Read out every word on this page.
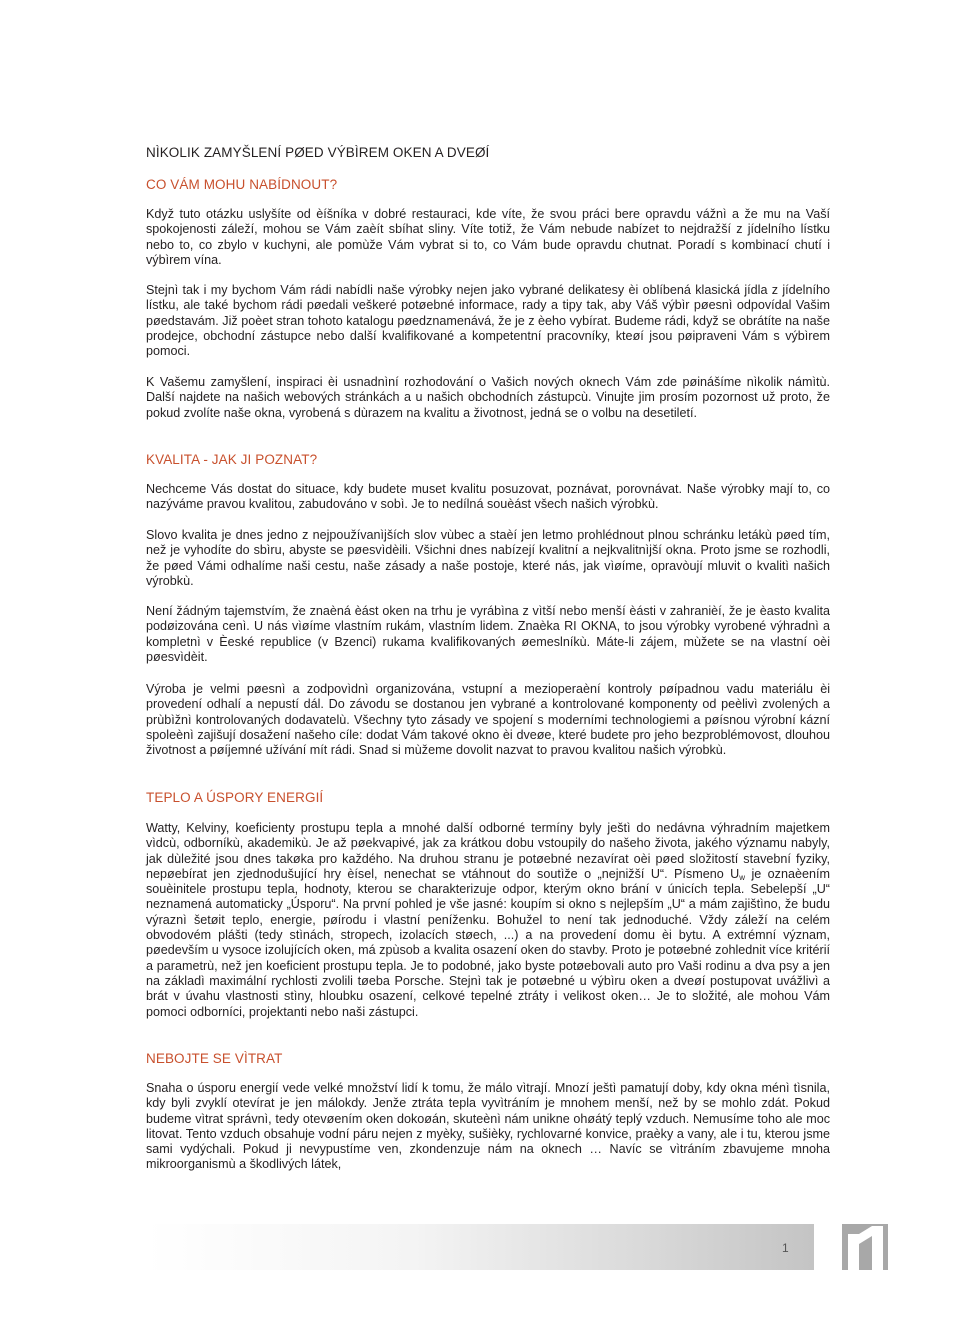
NÌKOLIK ZAMYŠLENÍ PØED VÝBÌREM OKEN A DVEØÍ
CO VÁM MOHU NABÍDNOUT?

Když tuto otázku uslyšíte od èíšníka v dobré restauraci, kde víte, že svou práci bere opravdu vážnì a že mu na Vaší spokojenosti záleží, mohou se Vám zaèít sbíhat sliny. Víte totiž, že Vám nebude nabízet to nejdražší z jídelního lístku nebo to, co zbylo v kuchyni, ale pomùže Vám vybrat si to, co Vám bude opravdu chutnat. Poradí s kombinací chutí i výbìrem vína.

Stejnì tak i my bychom Vám rádi nabídli naše výrobky nejen jako vybrané delikatesy èi oblíbená klasická jídla z jídelního lístku, ale také bychom rádi pøedali veškeré potøebné informace, rady a tipy tak, aby Váš výbìr pøesnì odpovídal Vašim pøedstavám. Již poèet stran tohoto katalogu pøedznamenává, že je z èeho vybírat. Budeme rádi, když se obrátíte na naše prodejce, obchodní zástupce nebo další kvalifikované a kompetentní pracovníky, kteøí jsou pøipraveni Vám s výbìrem pomoci.

K Vašemu zamyšlení, inspiraci èi usnadnìní rozhodování o Vašich nových oknech Vám zde pøinášíme nìkolik námìtù. Další najdete na našich webových stránkách a u našich obchodních zástupcù. Vinujte jim prosím pozornost už proto, že pokud zvolíte naše okna, vyrobená s dùrazem na kvalitu a životnost, jedná se o volbu na desetiletí.

KVALITA - JAK JI POZNAT?

Nechceme Vás dostat do situace, kdy budete muset kvalitu posuzovat, poznávat, porovnávat. Naše výrobky mají to, co nazýváme pravou kvalitou, zabudováno v sobì. Je to nedílná souèást všech našich výrobkù.

Slovo kvalita je dnes jedno z nejpoužívanìjších slov vùbec a staèí jen letmo prohlédnout plnou schránku letákù pøed tím, než je vyhodíte do sbìru, abyste se pøesvìdèili. Všichni dnes nabízejí kvalitní a nejkvalitnìjší okna. Proto jsme se rozhodli, že pøed Vámi odhalíme naši cestu, naše zásady a naše postoje, které nás, jak vìøíme, opravòují mluvit o kvalitì našich výrobkù.

Není žádným tajemstvím, že znaèná èást oken na trhu je vyrábìna z vìtší nebo menší èásti v zahranièí, že je èasto kvalita podøizována cenì. U nás vìøíme vlastním rukám, vlastním lidem. Znaèka RI OKNA, to jsou výrobky vyrobené výhradnì a kompletnì v Èeské republice (v Bzenci) rukama kvalifikovaných øemeslníkù. Máte-li zájem, mùžete se na vlastní oèi pøesvìdèit.

Výroba je velmi pøesnì a zodpovìdnì organizována, vstupní a mezioperaèní kontroly pøípadnou vadu materiálu èi provedení odhalí a nepustí dál. Do závodu se dostanou jen vybrané a kontrolované komponenty od peèlivì zvolených a prùbìžnì kontrolovaných dodavatelù. Všechny tyto zásady ve spojení s moderními technologiemi a pøísnou výrobní kázní spoleènì zajišují dosažení našeho cíle: dodat Vám takové okno èi dveøe, které budete pro jeho bezproblémovost, dlouhou životnost a pøíjemné užívání mít rádi. Snad si mùžeme dovolit nazvat to pravou kvalitou našich výrobkù.

TEPLO A ÚSPORY ENERGIÍ

Watty, Kelviny, koeficienty prostupu tepla a mnohé další odborné termíny byly ještì do nedávna výhradním majetkem vìdcù, odborníkù, akademikù. Je až pøekvapivé, jak za krátkou dobu vstoupily do našeho života, jakého významu nabyly, jak dùležité jsou dnes takøka pro každého. Na druhou stranu je potøebné nezavírat oèi pøed složitostí stavební fyziky, nepøebírat jen zjednodušující hry èísel, nenechat se vtáhnout do soutìže o „nejnižší U“. Písmeno $U_w$ je oznaèením souèinitele prostupu tepla, hodnoty, kterou se charakterizuje odpor, kterým okno brání v únicích tepla. Sebelepší „U“ neznamená automaticky „Úsporu“. Na první pohled je vše jasné: koupím si okno s nejlepším „U“ a mám zajištìno, že budu výraznì šetøit teplo, energie, pøírodu i vlastní peníženku. Bohužel to není tak jednoduché. Vždy záleží na celém obvodovém plášti (tedy stìnách, stropech, izolacích støech, ...) a na provedení domu èi bytu. A extrémní význam, pøedevším u vysoce izolujících oken, má zpùsob a kvalita osazení oken do stavby. Proto je potøebné zohlednit více kritérií a parametrù, než jen koeficient prostupu tepla. Je to podobné, jako byste potøebovali auto pro Vaši rodinu a dva psy a jen na základì maximální rychlosti zvolili tøeba Porsche. Stejnì tak je potøebné u výbìru oken a dveøí postupovat uvážlivì a brát v úvahu vlastnosti stìny, hloubku osazení, celkové tepelné ztráty i velikost oken… Je to složité, ale mohou Vám pomoci odborníci, projektanti nebo naši zástupci.

NEBOJTE SE VÌTRAT

Snaha o úsporu energií vede velké množství lidí k tomu, že málo vìtrají. Mnozí ještì pamatují doby, kdy okna ménì tìsnila, kdy byli zvyklí otevírat je jen málokdy. Jenže ztráta tepla vyvìtráním je mnohem menší, než by se mohlo zdát. Pokud budeme vìtrat správnì, tedy otevøením oken dokoøán, skuteènì nám unikne ohøátý teplý vzduch. Nemusíme toho ale moc litovat. Tento vzduch obsahuje vodní páru nejen z myèky, sušièky, rychlovarné konvice, praèky a vany, ale i tu, kterou jsme sami vydýchali. Pokud ji nevypustíme ven, zkondenzuje nám na oknech … Navíc se vìtráním zbavujeme mnoha mikroorganismù a škodlivých látek,

1
